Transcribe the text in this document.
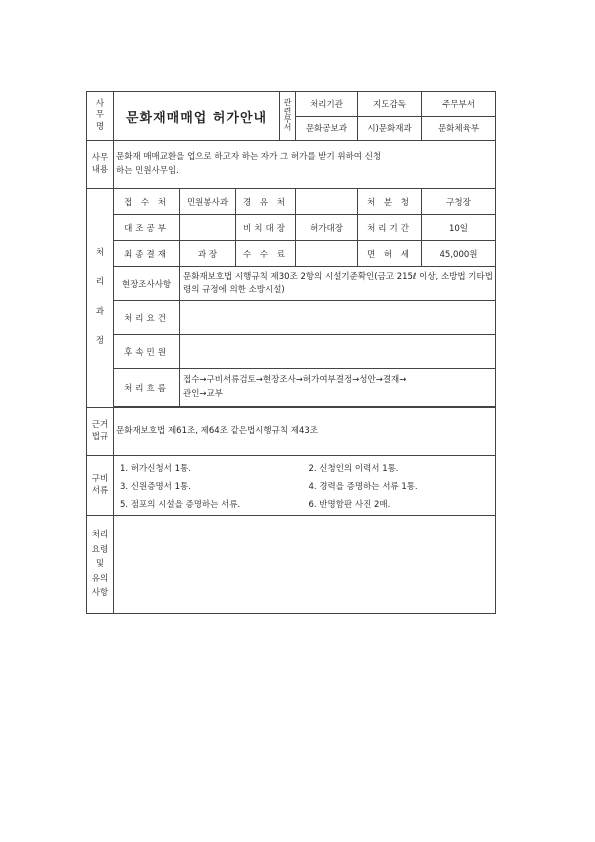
사
무
명	
문화재매매업 허가안내
관
련
부
서
	처리기관	지도감독	주무부서
문화공보과	시)문화재과	문화체육부
사무
내용	
문화재 매매교환을 업으로 하고자 하는 자가 그 허가를 받기 위하여 신청
하는 민원사무임.

처

리

과

정	접 수 처	민원봉사과	경 유 처		처 분 청	구청장
대조공부		비치대장	허가대장	처리기간	10일
최종결재	과 장	수 수 료		면 허 세	45,000원
현장조사사항	문화재보호법 시행규칙 제30조 2항의 시설기준확인(금고 215ℓ 이상, 소방법 기타법령의 규정에 의한 소방시설)
처리요건	
후속민원	
처리흐름	
접수→구비서류검토→현장조사→허가여부결정→성안→결재→
관인→교부

근거
법규	문화재보호법 제61조, 제64조 같은법시행규칙 제43조
구비
서류	
1. 허가신청서 1통.	2. 신청인의 이력서 1통.
3. 신원증명서 1통.	4. 경력을 증명하는 서류 1통.
5. 점포의 시설을 증명하는 서류.	6. 반명함판 사진 2매.

처리
요령
및
유의
사항	
